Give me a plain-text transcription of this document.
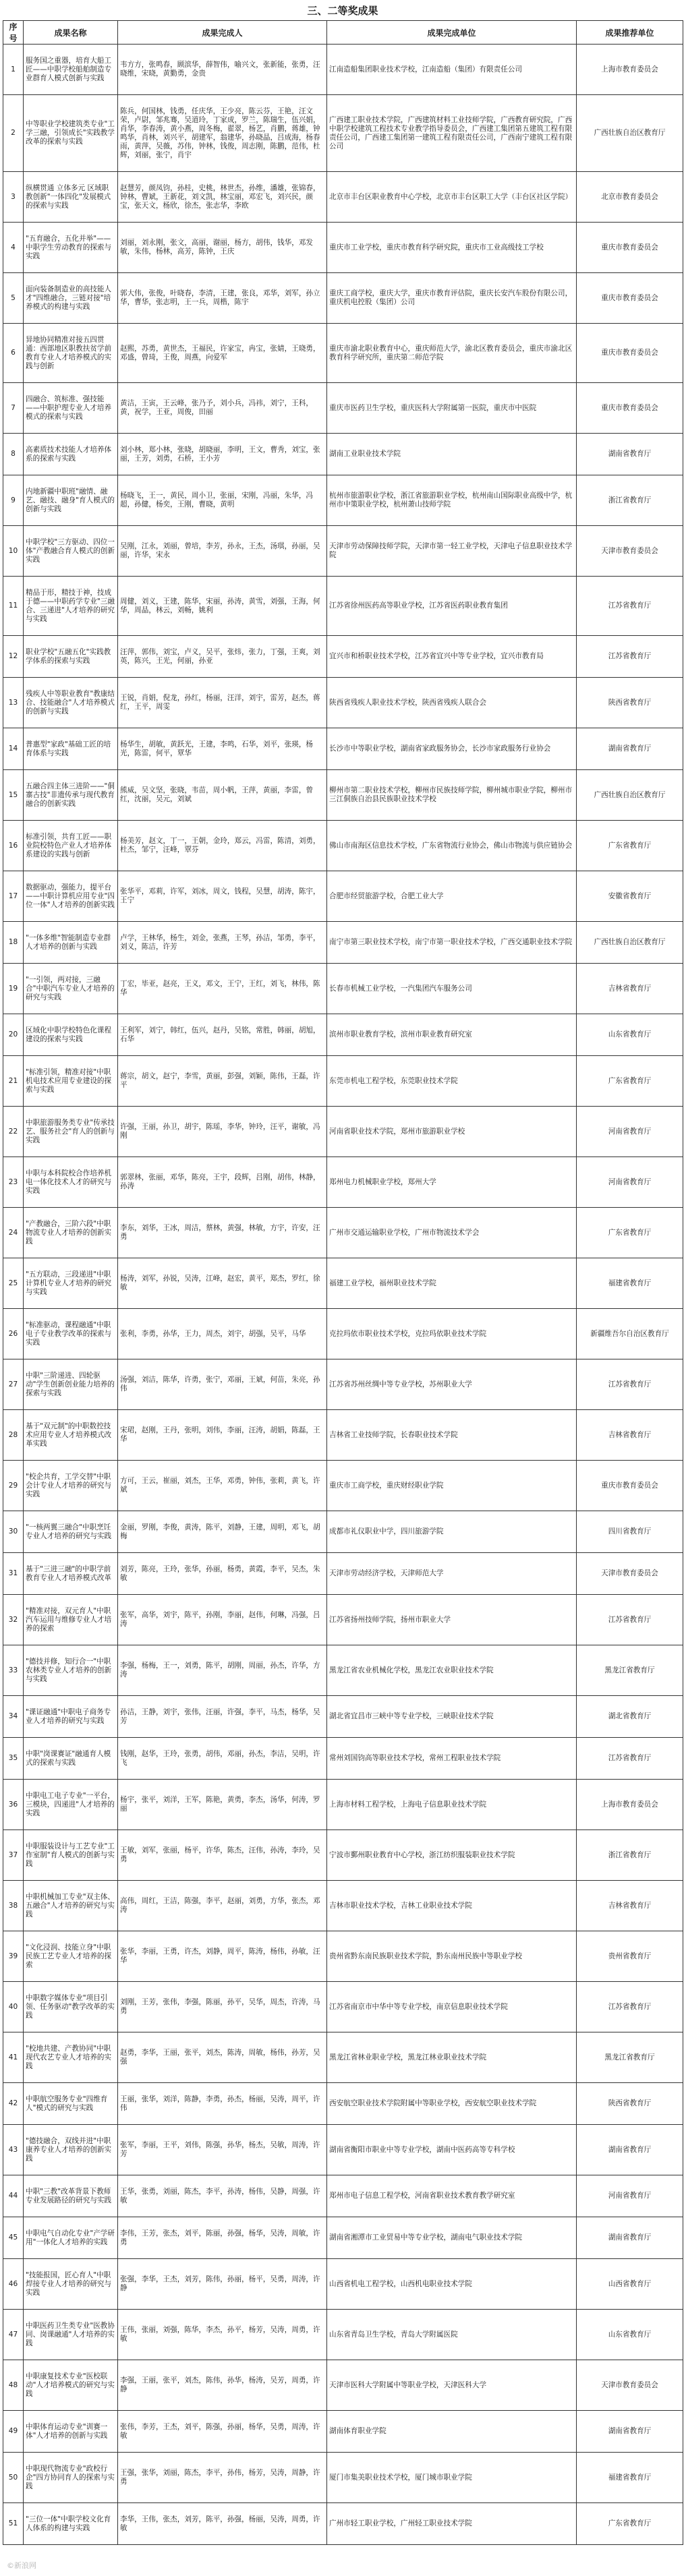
三、二等奖成果
序号	成果名称	成果完成人	成果完成单位	成果推荐单位
1	服务国之重器，培育大船工匠——中职学校船舶制造专业群育人模式创新与实践	韦方方，张鸣春，顾滨华，薛智伟，喻兴文，张新能，张勇，汪晓维，宋晓，黄勤勇，金贵	江南造船集团职业技术学校，江南造船（集团）有限责任公司	上海市教育委员会
2	中等职业学校建筑类专业"工学三融，引领成长"实践教学改革的探索与实践	陈兵，何国林，钱勇，任庆华，王少亮，陈云芬，王艳，汪文荣，卢尉，邹兆骞，吴道玲，丁家成，罗兰，陈瑞生，伍兴娟，肖华，李春涛，黄小燕，周冬梅，翟翠，杨艺，肖鹏，蒋雄，钟鸣华，肖林，刘兴平，胡建军，翁建华，孙晓晶，吕成海，杨春雨，黄萍，吴薇，苏伟，钟林，钱俊，周志刚，陈鹏，范伟，杜辉，刘丽，张宁，肖宇	广西建工职业技术学院，广西建筑材料工业技师学院，广西教育研究院，广西中职学校建筑工程技术专业教学指导委员会，广西建工集团第五建筑工程有限责任公司，广西建工集团第一建筑工程有限责任公司，广西南宁建筑工程有限公司	广西壮族自治区教育厅
3	纵横贯通 立体多元 区域职教创新"一体四化"发展模式的探索与实践	赵慧芳，颜凤钧，孙桂，史桃，林世杰，孙维，潘雄，张锦春，钟林，曹斌，王新花，刘文凯，林宝丽，邓宏飞，刘兴民，颜宝，张天文，杨欣，徐杰，张志华，李欧	北京市丰台区职业教育中心学校，北京市丰台区职工大学（丰台区社区学院）	北京市教育委员会
4	"五育融合，五化并举"——中职学生劳动教育的探索与实践	刘丽，刘永刚，张文，高丽，谢丽，杨方，胡伟，钱华，邓发敏，朱伟，杨林，高芳，陈钟，王庆	重庆市工业学校，重庆市教育科学研究院，重庆市工业高级技工学校	重庆市教育委员会
5	面向装备制造业的高技能人才"四维融合，三链对接"培养模式的构建与实践	郭大伟，张俊，叶晓春，李清，王建，张良，邓华，刘军，孙立华，曹华，张志明，王一兵，周楷，陈宇	重庆工商学校，重庆大学，重庆市教育评估院，重庆长安汽车股份有限公司，重庆机电控股（集团）公司	重庆市教育委员会
6	异地协同精准对接五四贯通：西部地区职教扶贫学前教育专业人才培养模式的实践与创新	赵熙，苏勇，黄世杰，王福民，许家宝，冉宝，张婧，王晓勇，邓盛，曾琦，王俊，周燕，向爱军	重庆市渝北职业教育中心，重庆师范大学，渝北区教育委员会，重庆市渝北区教育科学研究所，重庆第二师范学院	重庆市教育委员会
7	四融合、筑标准、强技能——中职护理专业人才培养模式的探索与实践	黄洁，王寅，王云峰，张乃予，刘小兵，冯祎，刘宁，王科，黄，祝学，王亚，周俊，田丽	重庆市医药卫生学校，重庆医科大学附属第一医院，重庆市中医院	重庆市教育委员会
8	高素质技术技能人才培养体系的探索与实践	刘小林，郑小林，张晓，胡晓丽，李明，王文，曹秀，刘宝，张丽，王芳，刘勇，石桥，王小芳	湖南工业职业技术学院	湖南省教育厅
9	内地新疆中职班"融情、融艺、融技、融身"育人模式的创新与实践	杨晓飞，王一，黄民，周小卫，张丽，宋刚，冯丽，朱华，冯超，孙健，杨奕，王刚，曹晓，黄明	杭州市旅游职业学校，浙江省旅游职业学校，杭州南山国际职业高级中学，杭州市中策职业学校，杭州萧山技师学院	浙江省教育厅
10	中职学校"三方驱动、四位一体"产教融合育人模式的创新实践	吴刚，江永，刘丽，曾培，李芳，孙永，王杰，汤琪，孙丽，吴丽，许华，宋永	天津市劳动保障技师学院，天津市第一轻工业学校，天津电子信息职业技术学院	天津市教育委员会
11	精品于形，精技于神，技成于德——中职药学专业"三融合、三递进"人才培养的研究与实践	周健，刘义，王建，陈华，宋丽，孙涛，黄雪，刘强，王海，何华，周晶，林云，刘畅，姚利	江苏省徐州医药高等职业学校，江苏省医药职业教育集团	江苏省教育厅
12	职业学校"五融五化"实践教学体系的探索与实践	汪萍，郭伟，刘宝，卢义，吴平，张炜，张力，丁强，王爽，刘英，陈兴，王光，何丽，孙亚	宜兴市和桥职业技术学校，江苏省宜兴中等专业学校，宜兴市教育局	江苏省教育厅
13	残疾人中等职业教育"教康结合、技能融合"人才培养模式的创新与实践	王锐，肖娟，倪龙，孙红，杨丽，汪洋，刘宇，雷芳，赵杰，蒋红，王平，周雯	陕西省残疾人职业技术学校，陕西省残疾人联合会	陕西省教育厅
14	普惠型"家政"基础工匠的培育体系与实践	杨华生，胡敏，黄跃光，王建，李鸣，石华，刘平，张瑛，杨光，陈雷，何平，覃华	长沙市中等职业学校，湖南省家政服务协会，长沙市家政服务行业协会	湖南省教育厅
15	五融合四主体三进阶——"侗寨古技"非遗传承与现代教育融合的创新实践	熊威，吴文坚，张晓，韦苗，周小帆，王萍，黄丽，李雷，曾红，沈丽，吴元，刘斌	柳州市第二职业技术学校，柳州市民族技师学院，柳州城市职业学院，柳州市三江侗族自治县民族职业技术学校	广西壮族自治区教育厅
16	标准引领，共育工匠——职业院校特色产业人才培养体系建设的实践与创新	杨美芳，赵文，丁一，王朝，金玲，郑云，冯雷，陈清，刘勇，杜杰，邹宁，汪峰，覃芬	佛山市南海区信息技术学校，广东省物流行业协会，佛山市物流与供应链协会	广东省教育厅
17	数据驱动，强能力，提平台——中职计算机应用专业"四位一体"人才培养的创新实践	张华平，邓莉，许军，刘冰，周文，钱程，吴慧，胡涛，陈宇，王宁	合肥市经贸旅游学校，合肥工业大学	安徽省教育厅
18	"一体多维"智能制造专业群人才培养的创新与实践	卢学，王林华，杨生，刘金，张燕，王琴，孙洁，邹勇，李平，刘义，陈洁，许芳	南宁市第三职业技术学校，南宁市第一职业技术学校，广西交通职业技术学院	广西壮族自治区教育厅
19	"一引领，两对接，三融合"中职汽车专业人才培养的研究与实践	丁宏，毕亚，赵亮，王义，邓文，王宁，王红，刘飞，林伟，陈华	长春市机械工业学校，一汽集团汽车服务公司	吉林省教育厅
20	区域化中职学校特色化课程建设的探索与实践	王利军，刘宁，韩红，伍兴，赵丹，吴铭，常胜，韩丽，胡旭，石华	滨州市职业教育学校，滨州市职业教育研究室	山东省教育厅
21	"标准引领，精准对接"中职机电技术应用专业建设的探索与实践	蒋宗，胡文，赵宁，李雪，黄丽，彭强，刘颖，陈伟，王磊，许平	东莞市机电工程学校，东莞职业技术学院	广东省教育厅
22	中职旅游服务类专业"传承技艺、服务社会"育人的创新与实践	许强，王丽，孙卫，胡宇，陈瑶，李华，钟玲，汪平，谢敏，冯刚	河南省职业技术学院，郑州市旅游职业学校	河南省教育厅
23	中职与本科院校合作培养机电一体化技术人才的研究与实践	郭翠林，张丽，邓华，陈亮，王宇，段辉，吕刚，胡伟，林静，孙涛	郑州电力机械职业学校，郑州大学	河南省教育厅
24	"产教融合，三阶六段"中职物流专业人才培养的创新实践	李东，刘华，王冰，周洁，蔡林，黄强，林敏，方宇，许安，汪勇	广州市交通运输职业学校，广州市物流技术学会	广东省教育厅
25	"五方联动，三段递进"中职计算机专业人才培养的研究与实践	杨涛，刘军，孙锐，吴涛，江峰，赵宏，黄平，郑杰，罗红，徐敏	福建工业学校，福州职业技术学院	福建省教育厅
26	"标准驱动，课程融通"中职电子专业教学改革的探索与实践	张利，李勇，孙华，王力，周杰，刘宇，胡强，吴平，马华	克拉玛依市职业技术学校，克拉玛依职业技术学院	新疆维吾尔自治区教育厅
27	中职"三阶递进、四轮驱动"学生创新创业能力培养的探索与实践	汤强，刘洁，陈华，许勇，张宁，邓丽，王斌，何苗，朱亮，孙伟	江苏省苏州丝绸中等专业学校，苏州职业大学	江苏省教育厅
28	基于"双元制"的中职数控技术应用专业人才培养模式改革实践	宋珺，赵刚，王丹，张明，刘伟，李丽，汪涛，胡娟，陈磊，王华	吉林省工业技师学院，长春职业技术学院	吉林省教育厅
29	"校企共育，工学交替"中职会计专业人才培养的研究与实践	方可，王云，崔丽，刘杰，王华，邓勇，钟伟，张莉，黄飞，许斌	重庆市工商学校，重庆财经职业学院	重庆市教育委员会
30	"一核两翼三融合"中职烹饪专业人才培养的研究与实践	金丽，罗刚，李俊，黄涛，陈平，刘静，王建，周明，邓飞，胡梅	成都市礼仪职业中学，四川旅游学院	四川省教育厅
31	基于"三进三融"的中职学前教育专业人才培养模式改革	刘芳，陈亮，王玲，张华，孙丽，杨勇，黄霞，李平，吴杰，朱敏	天津市劳动经济学校，天津师范大学	天津市教育委员会
32	"精准对接，双元育人"中职汽车运用与维修专业人才培养的探索	张军，高华，刘宇，陈平，孙刚，李丽，赵伟，何琳，冯强，吕涛	江苏省扬州技师学院，扬州市职业大学	江苏省教育厅
33	"德技并修，知行合一"中职农林类专业人才培养的创新与实践	李强，杨梅，王一，刘勇，陈平，胡刚，周丽，孙杰，许华，方涛	黑龙江省农业机械化学校，黑龙江农业职业技术学院	黑龙江省教育厅
34	"课证融通"中职电子商务专业人才培养的研究与实践	孙洁，王静，刘宇，张伟，汪丽，许强，李平，马杰，杨华，吴芳	湖北省宜昌市三峡中等专业学校，三峡职业技术学院	湖北省教育厅
35	中职"岗课赛证"融通育人模式的探索与实践	钱刚，赵华，王玲，张勇，胡伟，邓丽，孙杰，李洁，吴明，许飞	常州刘国钧高等职业技术学校，常州工程职业技术学院	江苏省教育厅
36	中职电工电子专业"一平台，三模块，四递进"人才培养的实践	杨宇，张平，刘洋，王军，陈艳，黄勇，李杰，汤华，何涛，罗丽	上海市材料工程学校，上海电子信息职业技术学院	上海市教育委员会
37	中职服装设计与工艺专业"工作室制"育人模式的创新与实践	王敏，刘军，张丽，杨平，许华，陈杰，汪伟，孙涛，李玲，吴勇	宁波市鄞州职业教育中心学校，浙江纺织服装职业技术学院	浙江省教育厅
38	中职机械加工专业"双主体、五融合"人才培养的研究与实践	高伟，周红，王洁，陈强，李平，赵丽，刘勇，方华，张杰，邓涛	吉林市职业技术学校，吉林工业职业技术学院	吉林省教育厅
39	"文化浸润、技能立身"中职民族工艺专业人才培养的探索	张华，李丽，王勇，许杰，刘静，周平，陈涛，杨伟，孙敏，汪华	贵州省黔东南民族职业技术学院，黔东南州民族中等职业学校	贵州省教育厅
40	中职数字媒体专业"项目引领、任务驱动"教学改革的实践	刘刚，王芳，张伟，李强，陈丽，孙平，吴华，周杰，许涛，马勇	江苏省南京市中华中等专业学校，南京信息职业技术学院	江苏省教育厅
41	"校地共建、产教协同"中职现代农艺专业人才培养的实践	赵勇，李华，王丽，张平，刘杰，陈涛，周敏，杨伟，孙芳，吴强	黑龙江省林业职业学校，黑龙江林业职业技术学院	黑龙江省教育厅
42	中职航空服务专业"四维育人"模式的研究与实践	王丽，张华，刘洋，陈静，李勇，孙杰，杨丽，吴涛，周平，许伟	西安航空职业技术学院附属中等职业学校，西安航空职业技术学院	陕西省教育厅
43	"德技融合，双线并进"中职康养专业人才培养的创新实践	张军，李丽，王平，刘伟，陈强，孙华，杨杰，吴敏，周涛，许芳	湖南省衡阳市职业中等专业学校，湖南中医药高等专科学校	湖南省教育厅
44	中职"三教"改革背景下教师专业发展路径的研究与实践	王华，张勇，刘丽，陈杰，李平，孙涛，杨伟，吴静，周强，许敏	郑州市电子信息工程学校，河南省职业技术教育教学研究室	河南省教育厅
45	中职电气自动化专业"产学研用"一体化人才培养的实践	李伟，王芳，张杰，刘平，陈丽，孙强，杨华，吴涛，周敏，许勇	湖南省湘潭市工业贸易中等专业学校，湖南电气职业技术学院	湖南省教育厅
46	"技能报国，匠心育人"中职焊接专业人才培养的研究与实践	张强，李华，王杰，刘芳，陈伟，孙丽，杨平，吴勇，周涛，许静	山西省机电工程学校，山西机电职业技术学院	山西省教育厅
47	中职医药卫生类专业"医教协同、岗课融通"人才培养的实践	王伟，张丽，刘强，陈华，李杰，孙平，杨芳，吴涛，周勇，许敏	山东省青岛卫生学校，青岛大学附属医院	山东省教育厅
48	中职康复技术专业"医校联动"人才培养模式的研究与实践	李强，王丽，张平，刘杰，陈伟，孙华，杨涛，吴芳，周勇，许静	天津市医科大学附属中等职业学校，天津医科大学	天津市教育委员会
49	中职体育运动专业"训赛一体"人才培养的创新与实践	张伟，李芳，王杰，刘平，陈强，孙丽，杨华，吴勇，周涛，许敏	湖南体育职业学院	湖南省教育厅
50	中职现代物流专业"政校行企"四方协同育人的探索与实践	王强，张华，刘丽，陈杰，李平，孙伟，杨芳，吴涛，周静，许勇	厦门市集美职业技术学校，厦门城市职业学院	福建省教育厅
51	"三位一体"中职学校文化育人体系的构建与实践	李华，王伟，张杰，刘芳，陈平，孙强，杨丽，吴涛，周勇，许敏	广州市轻工职业学校，广州轻工职业技术学院	广东省教育厅
©新浪网
